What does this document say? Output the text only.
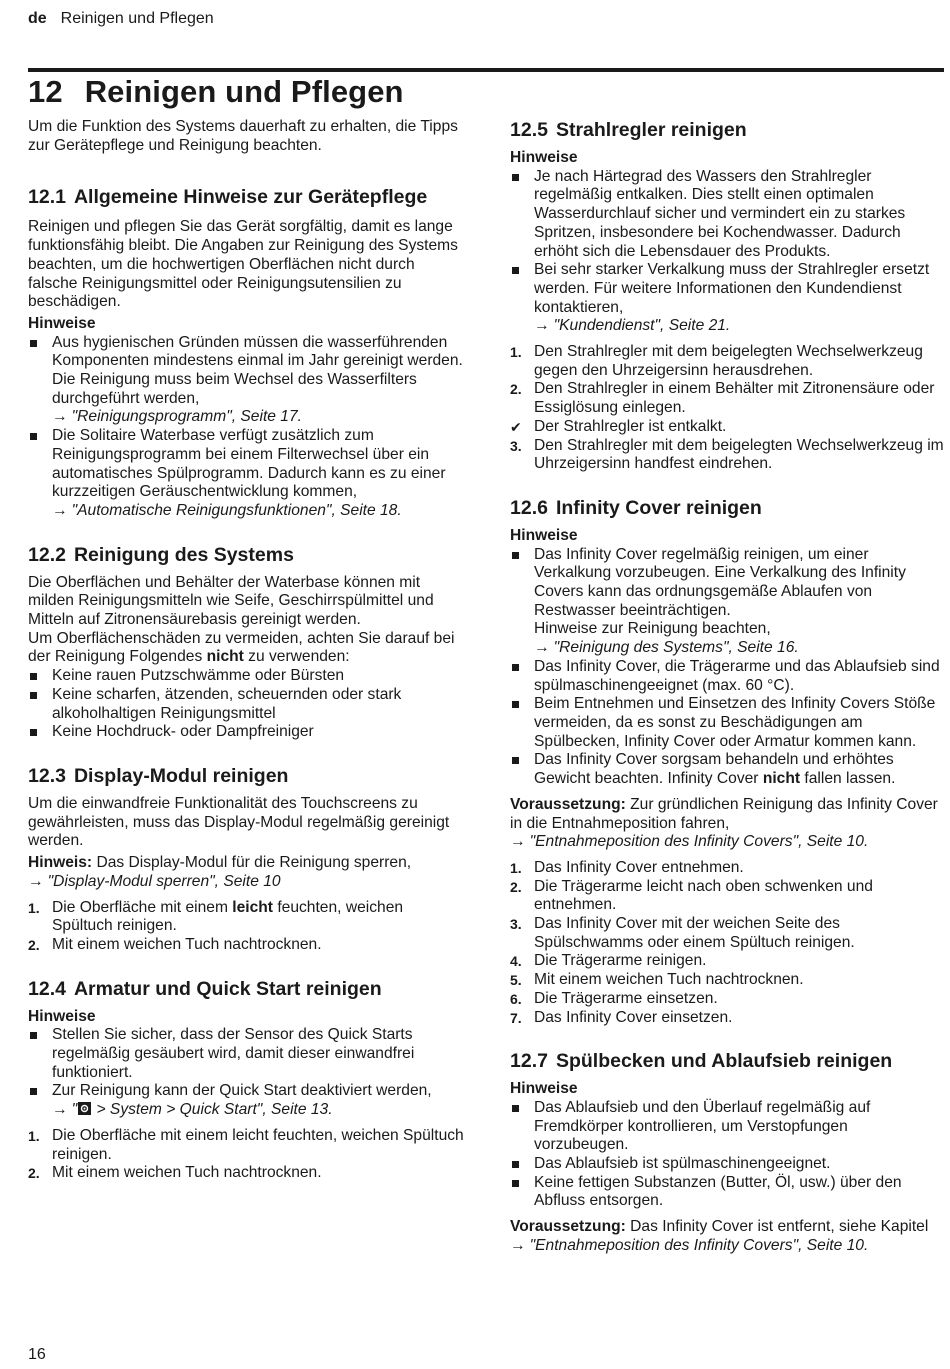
de Reinigen und Pflegen
12 Reinigen und Pflegen

Um die Funktion des Systems dauerhaft zu erhalten, die Tipps zur Gerätepflege und Reinigung beachten.

12.1 Allgemeine Hinweise zur Gerätepflege

Reinigen und pflegen Sie das Gerät sorgfältig, damit es lange funktionsfähig bleibt. Die Angaben zur Reinigung des Systems beachten, um die hochwertigen Oberflächen nicht durch falsche Reinigungsmittel oder Reinigungsutensilien zu beschädigen.

Hinweise

Aus hygienischen Gründen müssen die wasserführenden Komponenten mindestens einmal im Jahr gereinigt werden. Die Reinigung muss beim Wechsel des Wasserfilters durchgeführt werden,
→ "Reinigungsprogramm", Seite 17.
Die Solitaire Waterbase verfügt zusätzlich zum Reinigungsprogramm bei einem Filterwechsel über ein automatisches Spülprogramm. Dadurch kann es zu einer kurzzeitigen Geräuschentwicklung kommen,
→ "Automatische Reinigungsfunktionen", Seite 18.
12.2 Reinigung des Systems

Die Oberflächen und Behälter der Waterbase können mit milden Reinigungsmitteln wie Seife, Geschirrspülmittel und Mitteln auf Zitronensäurebasis gereinigt werden.

Um Oberflächenschäden zu vermeiden, achten Sie darauf bei der Reinigung Folgendes nicht zu verwenden:

Keine rauen Putzschwämme oder Bürsten
Keine scharfen, ätzenden, scheuernden oder stark alkoholhaltigen Reinigungsmittel
Keine Hochdruck- oder Dampfreiniger
12.3 Display-Modul reinigen

Um die einwandfreie Funktionalität des Touchscreens zu gewährleisten, muss das Display-Modul regelmäßig gereinigt werden.

Hinweis: Das Display-Modul für die Reinigung sperren,
→ "Display-Modul sperren", Seite 10

1. Die Oberfläche mit einem leicht feuchten, weichen Spültuch reinigen.
2. Mit einem weichen Tuch nachtrocknen.
12.4 Armatur und Quick Start reinigen

Hinweise

Stellen Sie sicher, dass der Sensor des Quick Starts regelmäßig gesäubert wird, damit dieser einwandfrei funktioniert.
Zur Reinigung kann der Quick Start deaktiviert werden,
→ " > System > Quick Start", Seite 13.
1. Die Oberfläche mit einem leicht feuchten, weichen Spültuch reinigen.
2. Mit einem weichen Tuch nachtrocknen.
12.5 Strahlregler reinigen

Hinweise

Je nach Härtegrad des Wassers den Strahlregler regelmäßig entkalken. Dies stellt einen optimalen Wasserdurchlauf sicher und vermindert ein zu starkes Spritzen, insbesondere bei Kochendwasser. Dadurch erhöht sich die Lebensdauer des Produkts.
Bei sehr starker Verkalkung muss der Strahlregler ersetzt werden. Für weitere Informationen den Kundendienst kontaktieren,
→ "Kundendienst", Seite 21.
1. Den Strahlregler mit dem beigelegten Wechselwerkzeug gegen den Uhrzeigersinn herausdrehen.
2. Den Strahlregler in einem Behälter mit Zitronensäure oder Essiglösung einlegen.
✔ Der Strahlregler ist entkalkt.
3. Den Strahlregler mit dem beigelegten Wechselwerkzeug im Uhrzeigersinn handfest eindrehen.
12.6 Infinity Cover reinigen

Hinweise

Das Infinity Cover regelmäßig reinigen, um einer Verkalkung vorzubeugen. Eine Verkalkung des Infinity Covers kann das ordnungsgemäße Ablaufen von Restwasser beeinträchtigen.
Hinweise zur Reinigung beachten,
→ "Reinigung des Systems", Seite 16.
Das Infinity Cover, die Trägerarme und das Ablaufsieb sind spülmaschinengeeignet (max. 60 °C).
Beim Entnehmen und Einsetzen des Infinity Covers Stöße vermeiden, da es sonst zu Beschädigungen am Spülbecken, Infinity Cover oder Armatur kommen kann.
Das Infinity Cover sorgsam behandeln und erhöhtes Gewicht beachten. Infinity Cover nicht fallen lassen.

Voraussetzung: Zur gründlichen Reinigung das Infinity Cover in die Entnahmeposition fahren,
→ "Entnahmeposition des Infinity Covers", Seite 10.

1. Das Infinity Cover entnehmen.
2. Die Trägerarme leicht nach oben schwenken und entnehmen.
3. Das Infinity Cover mit der weichen Seite des Spülschwamms oder einem Spültuch reinigen.
4. Die Trägerarme reinigen.
5. Mit einem weichen Tuch nachtrocknen.
6. Die Trägerarme einsetzen.
7. Das Infinity Cover einsetzen.
12.7 Spülbecken und Ablaufsieb reinigen

Hinweise

Das Ablaufsieb und den Überlauf regelmäßig auf Fremdkörper kontrollieren, um Verstopfungen vorzubeugen.
Das Ablaufsieb ist spülmaschinengeeignet.
Keine fettigen Substanzen (Butter, Öl, usw.) über den Abfluss entsorgen.

Voraussetzung: Das Infinity Cover ist entfernt, siehe Kapitel
→ "Entnahmeposition des Infinity Covers", Seite 10.

16
